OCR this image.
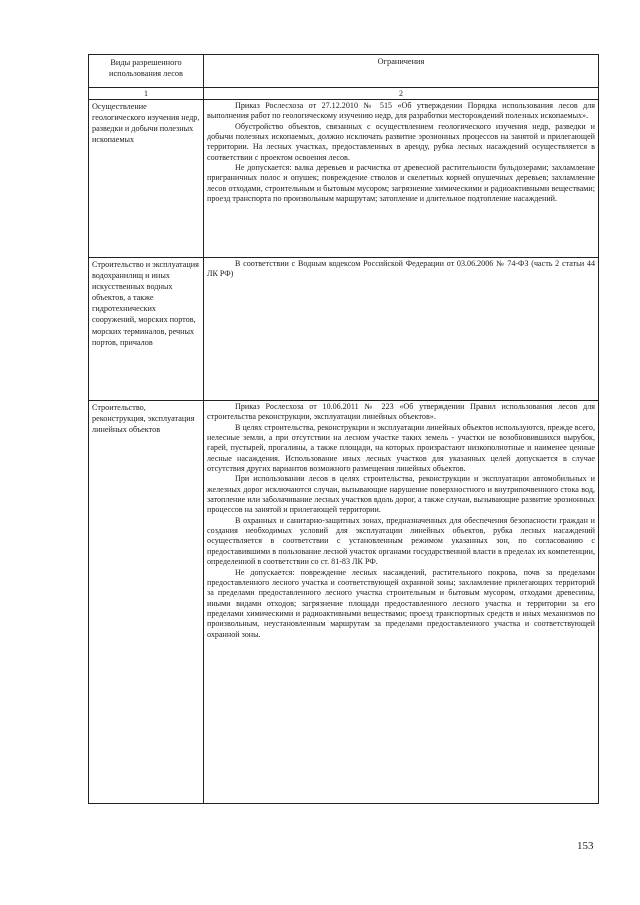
Виды разрешенного использования лесов	Ограничения
1	2
Осуществление геологического изучения недр, разведки и добычи полезных ископаемых	Приказ Рослесхоза от 27.12.2010 № 515 «Об утверждении Порядка использования лесов для выполнения работ по геологическому изучению недр, для разработки месторождений полезных ископаемых».

Обустройство объектов, связанных с осуществлением геологического изучения недр, разведки и добычи полезных ископаемых, должно исключать развитие эрозионных процессов на занятой и прилегающей территории. На лесных участках, предоставленных в аренду, рубка лесных насаждений осуществляется в соответствии с проектом освоения лесов.

Не допускается: валка деревьев и расчистка от древесной растительности бульдозерами; захламление приграничных полос и опушек; повреждение стволов и скелетных корней опушечных деревьев; захламление лесов отходами, строительным и бытовым мусором; загрязнение химическими и радиоактивными веществами; проезд транспорта по произвольным маршрутам; затопление и длительное подтопление насаждений.

Строительство и эксплуатация водохранилищ и иных искусственных водных объектов, а также гидротехнических сооружений, морских портов, морских терминалов, речных портов, причалов	В соответствии с Водным кодексом Российской Федерации от 03.06.2006 № 74-ФЗ (часть 2 статьи 44 ЛК РФ)

Строительство, реконструкция, эксплуатация линейных объектов	Приказ Рослесхоза от 10.06.2011 № 223 «Об утверждении Правил использования лесов для строительства реконструкции, эксплуатации линейных объектов».

В целях строительства, реконструкции и эксплуатации линейных объектов используются, прежде всего, нелесные земли, а при отсутствии на лесном участке таких земель - участки не возобновившихся вырубок, гарей, пустырей, прогалины, а также площади, на которых произрастают низкополнотные и наименее ценные лесные насаждения. Использование иных лесных участков для указанных целей допускается в случае отсутствия других вариантов возможного размещения линейных объектов.

При использовании лесов в целях строительства, реконструкции и эксплуатации автомобильных и железных дорог исключаются случаи, вызывающие нарушение поверхностного и внутрипочвенного стока вод, затопление или заболачивание лесных участков вдоль дорог, а также случаи, вызывающие развитие эрозионных процессов на занятой и прилегающей территории.

В охранных и санитарно-защитных зонах, предназначенных для обеспечения безопасности граждан и создания необходимых условий для эксплуатации линейных объектов, рубка лесных насаждений осуществляется в соответствии с установленным режимом указанных зон, по согласованию с предоставившими в пользование лесной участок органами государственной власти в пределах их компетенции, определенной в соответствии со ст. 81-83 ЛК РФ.

Не допускается: повреждение лесных насаждений, растительного покрова, почв за пределами предоставленного лесного участка и соответствующей охранной зоны; захламление прилегающих территорий за пределами предоставленного лесного участка строительным и бытовым мусором, отходами древесины, иными видами отходов; загрязнение площади предоставленного лесного участка и территории за его пределами химическими и радиоактивными веществами; проезд транспортных средств и иных механизмов по произвольным, неустановленным маршрутам за пределами предоставленного участка и соответствующей охранной зоны.

153
